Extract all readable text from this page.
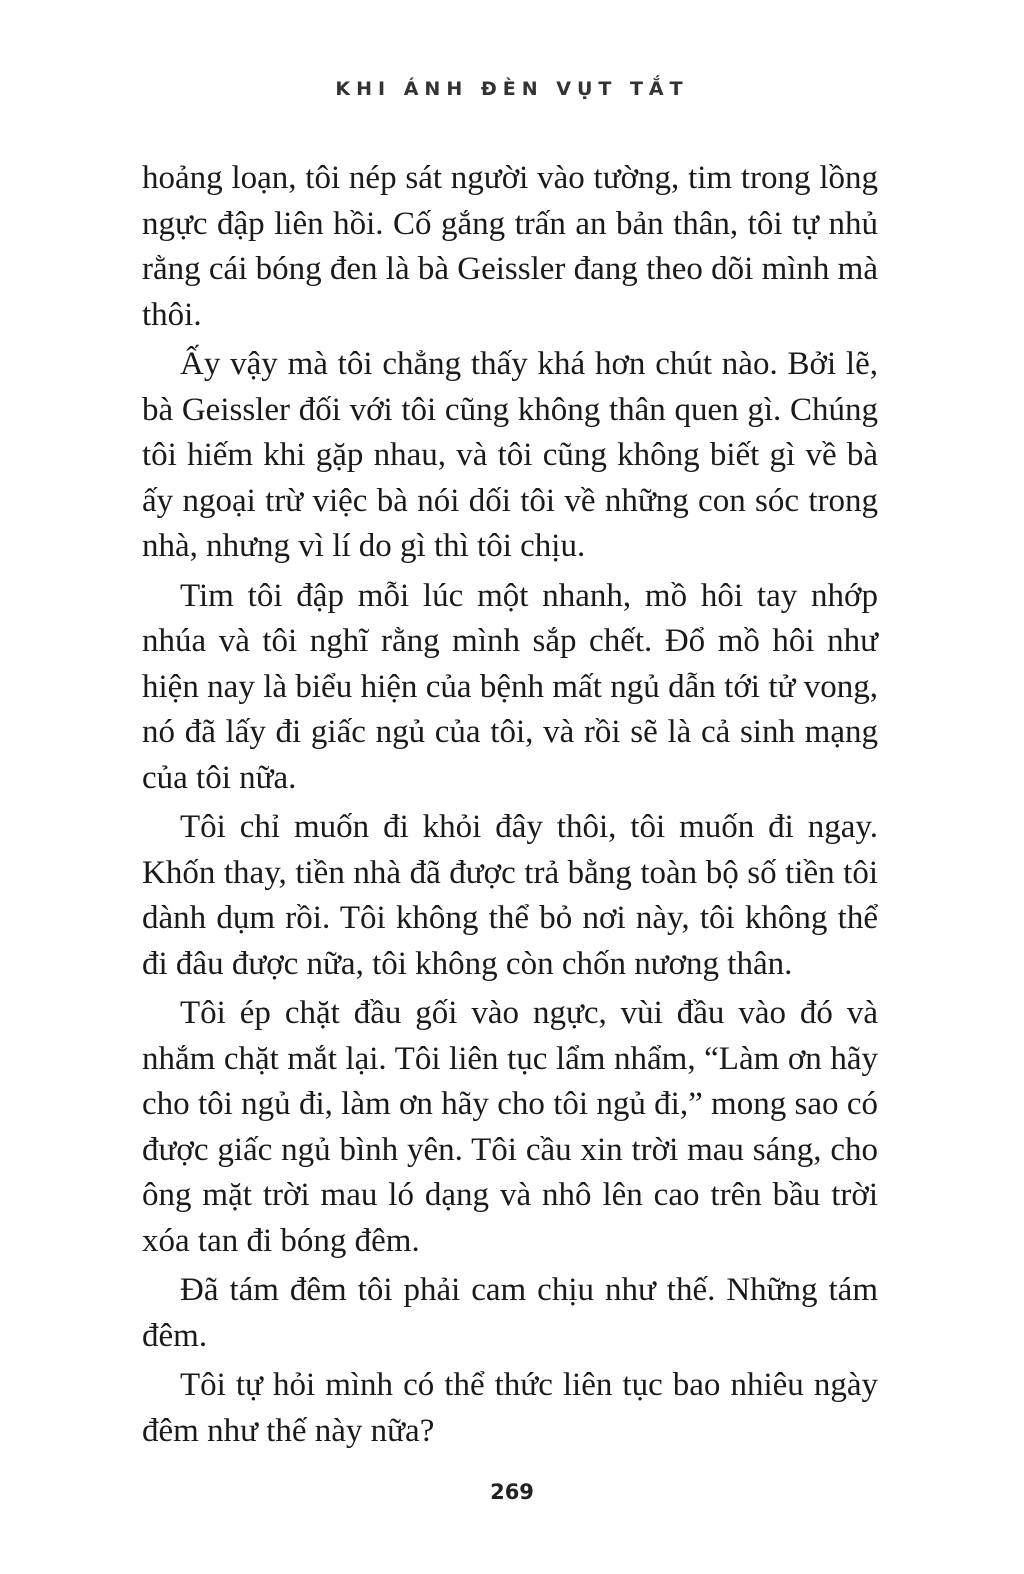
KHI ÁNH ĐÈN VỤT TẮT

hoảng loạn, tôi nép sát người vào tường, tim trong lồng ngực đập liên hồi. Cố gắng trấn an bản thân, tôi tự nhủ rằng cái bóng đen là bà Geissler đang theo dõi mình mà thôi.

Ấy vậy mà tôi chẳng thấy khá hơn chút nào. Bởi lẽ, bà Geissler đối với tôi cũng không thân quen gì. Chúng tôi hiếm khi gặp nhau, và tôi cũng không biết gì về bà ấy ngoại trừ việc bà nói dối tôi về những con sóc trong nhà, nhưng vì lí do gì thì tôi chịu.

Tim tôi đập mỗi lúc một nhanh, mồ hôi tay nhớp nhúa và tôi nghĩ rằng mình sắp chết. Đổ mồ hôi như hiện nay là biểu hiện của bệnh mất ngủ dẫn tới tử vong, nó đã lấy đi giấc ngủ của tôi, và rồi sẽ là cả sinh mạng của tôi nữa.

Tôi chỉ muốn đi khỏi đây thôi, tôi muốn đi ngay. Khốn thay, tiền nhà đã được trả bằng toàn bộ số tiền tôi dành dụm rồi. Tôi không thể bỏ nơi này, tôi không thể đi đâu được nữa, tôi không còn chốn nương thân.

Tôi ép chặt đầu gối vào ngực, vùi đầu vào đó và nhắm chặt mắt lại. Tôi liên tục lẩm nhẩm, “Làm ơn hãy cho tôi ngủ đi, làm ơn hãy cho tôi ngủ đi,” mong sao có được giấc ngủ bình yên. Tôi cầu xin trời mau sáng, cho ông mặt trời mau ló dạng và nhô lên cao trên bầu trời xóa tan đi bóng đêm.

Đã tám đêm tôi phải cam chịu như thế. Những tám đêm.

Tôi tự hỏi mình có thể thức liên tục bao nhiêu ngày đêm như thế này nữa?

269
